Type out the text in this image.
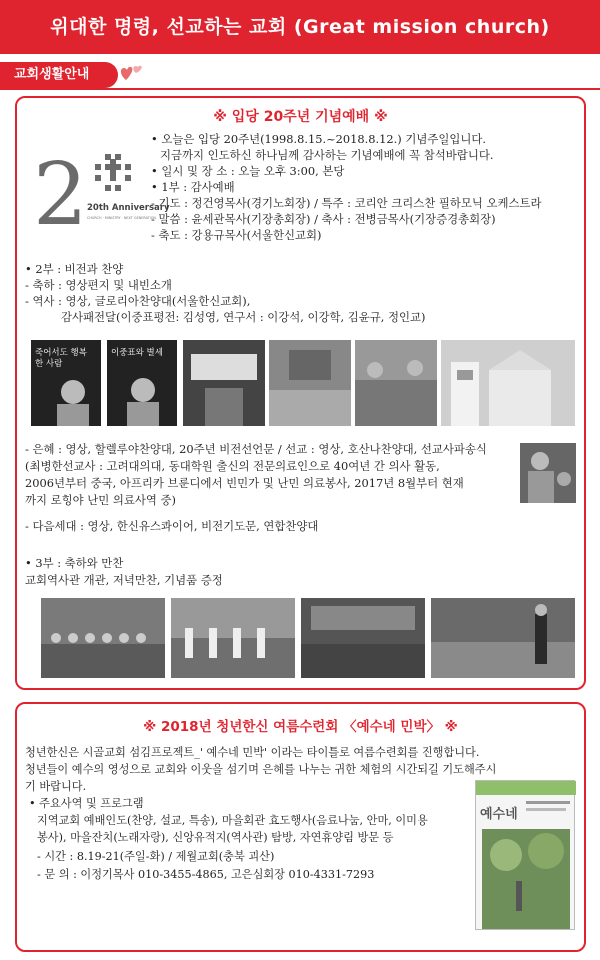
위대한 명령, 선교하는 교회 (Great mission church)
교회생활안내
※ 입당 20주년 기념예배 ※
2 20th Anniversary
CHURCH · MINISTRY · NEXT GENERATION
• 오늘은 입당 20주년(1998.8.15.~2018.8.12.) 기념주일입니다.
지금까지 인도하신 하나님께 감사하는 기념예배에 꼭 참석바랍니다.
• 일시 및 장 소 : 오늘 오후 3:00, 본당
• 1부 : 감사예배
- 기도 : 정건영목사(경기노회장) / 특주 : 코리안 크리스찬 필하모닉 오케스트라
- 말씀 : 윤세관목사(기장총회장) / 축사 : 전병금목사(기장증경총회장)
- 축도 : 강용규목사(서울한신교회)
• 2부 : 비전과 찬양
- 축하 : 영상편지 및 내빈소개
- 역사 : 영상, 글로리아찬양대(서울한신교회),
감사패전달(이중표평전: 김성영, 연구서 : 이강석, 이강학, 김윤규, 정인교)
죽어서도 행복한 사람
이중표와 별세
- 은혜 : 영상, 할렐루야찬양대, 20주년 비전선언문 / 선교 : 영상, 호산나찬양대, 선교사파송식
(최병한선교사 : 고려대의대, 동대학원 출신의 전문의료인으로 40여년 간 의사 활동,
2006년부터 중국, 아프리카 브룬디에서 빈민가 및 난민 의료봉사, 2017년 8월부터 현재
까지 로힝야 난민 의료사역 중)
- 다음세대 : 영상, 한신유스콰이어, 비전기도문, 연합찬양대
• 3부 : 축하와 만찬
교회역사관 개관, 저녁만찬, 기념품 증정
※ 2018년 청년한신 여름수련회 〈예수네 민박〉 ※
청년한신은 시골교회 섬김프로젝트_' 예수네 민박' 이라는 타이틀로 여름수련회를 진행합니다.
청년들이 예수의 영성으로 교회와 이웃을 섬기며 은혜를 나누는 귀한 체험의 시간되길 기도해주시
기 바랍니다.
• 주요사역 및 프로그램
지역교회 예배인도(찬양, 설교, 특송), 마을회관 효도행사(음료나눔, 안마, 이미용
봉사), 마을잔치(노래자랑), 신앙유적지(역사관) 탐방, 자연휴양림 방문 등
- 시간 : 8.19-21(주일-화) / 제월교회(충북 괴산)
- 문 의 : 이정기목사 010-3455-4865, 고은심회장 010-4331-7293
예수네
